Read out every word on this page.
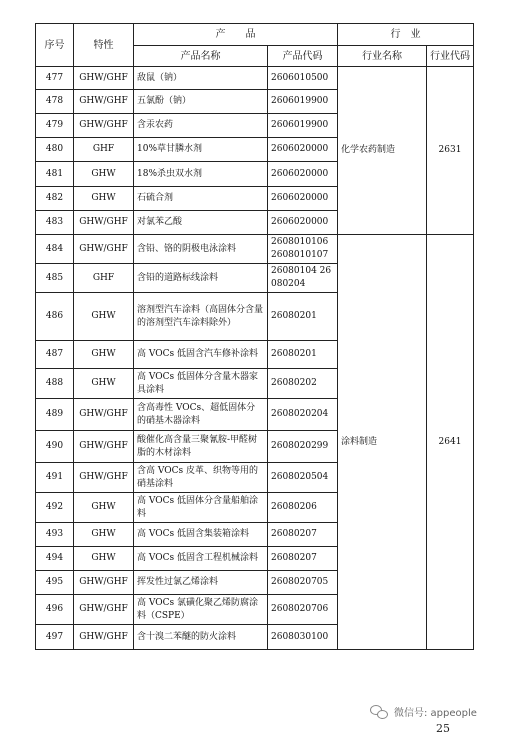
序号	特性	产　　品		行　业	
		产品名称	产品代码	行业名称	行业代码
477	GHW/GHF	敌鼠（钠）	2606010500	化学农药制造	2631
478	GHW/GHF	五氯酚（钠）	2606019900		
479	GHW/GHF	含汞农药	2606019900		
480	GHF	10%草甘膦水剂	2606020000		
481	GHW	18%杀虫双水剂	2606020000		
482	GHW	石硫合剂	2606020000		
483	GHW/GHF	对氯苯乙酸	2606020000		
484	GHW/GHF	含铅、铬的阴极电泳涂料	2608010106 2608010107	涂料制造	2641
485	GHF	含铅的道路标线涂料	26080104 26080204		
486	GHW	溶剂型汽车涂料（高固体分含量的溶剂型汽车涂料除外）	26080201		
487	GHW	高 VOCs 低固含汽车修补涂料	26080201		
488	GHW	高 VOCs 低固体分含量木器家具涂料	26080202		
489	GHW/GHF	含高毒性 VOCs、超低固体分的硝基木器涂料	2608020204		
490	GHW/GHF	酸催化高含量三聚氰胺-甲醛树脂的木材涂料	2608020299		
491	GHW/GHF	含高 VOCs 皮革、织物等用的硝基涂料	2608020504		
492	GHW	高 VOCs 低固体分含量船舶涂料	26080206		
493	GHW	高 VOCs 低固含集装箱涂料	26080207		
494	GHW	高 VOCs 低固含工程机械涂料	26080207		
495	GHW/GHF	挥发性过氯乙烯涂料	2608020705		
496	GHW/GHF	高 VOCs 氯磺化聚乙烯防腐涂料（CSPE）	2608020706		
497	GHW/GHF	含十溴二苯醚的防火涂料	2608030100		
微信号: appeople
25
